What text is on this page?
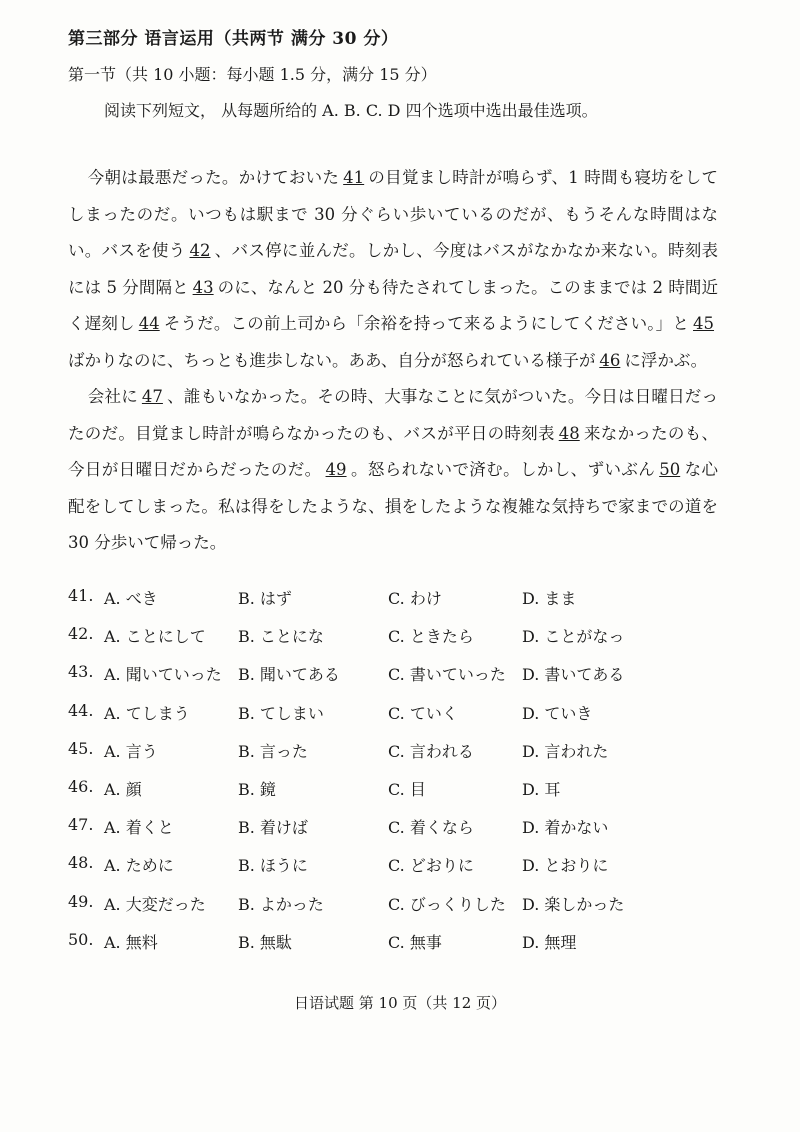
第三部分 语言运用（共两节 满分 30 分）
第一节（共 10 小题：每小题 1.5 分，满分 15 分）
阅读下列短文， 从每题所给的 A. B. C. D 四个选项中选出最佳选项。

今朝は最悪だった。かけておいた 41 の目覚まし時計が鳴らず、1 時間も寝坊をしてしまったのだ。いつもは駅まで 30 分ぐらい歩いているのだが、もうそんな時間はない。バスを使う 42 、バス停に並んだ。しかし、今度はバスがなかなか来ない。時刻表には 5 分間隔と 43 のに、なんと 20 分も待たされてしまった。このままでは 2 時間近く遅刻し 44 そうだ。この前上司から「余裕を持って来るようにしてください。」と 45ばかりなのに、ちっとも進歩しない。ああ、自分が怒られている様子が 46 に浮かぶ。

会社に 47 、誰もいなかった。その時、大事なことに気がついた。今日は日曜日だったのだ。目覚まし時計が鳴らなかったのも、バスが平日の時刻表 48 来なかったのも、今日が日曜日だからだったのだ。 49 。怒られないで済む。しかし、ずいぶん 50 な心配をしてしまった。私は得をしたような、損をしたような複雑な気持ちで家までの道を 30 分歩いて帰った。

41. A. べき	B. はず	C. わけ	D. まま
42. A. ことにして B. ことにな	C. ときたら	D. ことがなっ
43. A. 聞いていった B. 聞いてある	C. 書いていった D. 書いてある
44. A. てしまう	B. てしまい	C. ていく	D. ていき
45. A. 言う	B. 言った	C. 言われる	D. 言われた
46. A. 顔	B. 鏡	C. 目	D. 耳
47. A. 着くと	B. 着けば	C. 着くなら	D. 着かない
48. A. ために	B. ほうに	C. どおりに	D. とおりに
49. A. 大変だった B. よかった	C. びっくりした D. 楽しかった
50. A. 無料	B. 無駄	C. 無事	D. 無理
日语试题 第 10 页（共 12 页）
